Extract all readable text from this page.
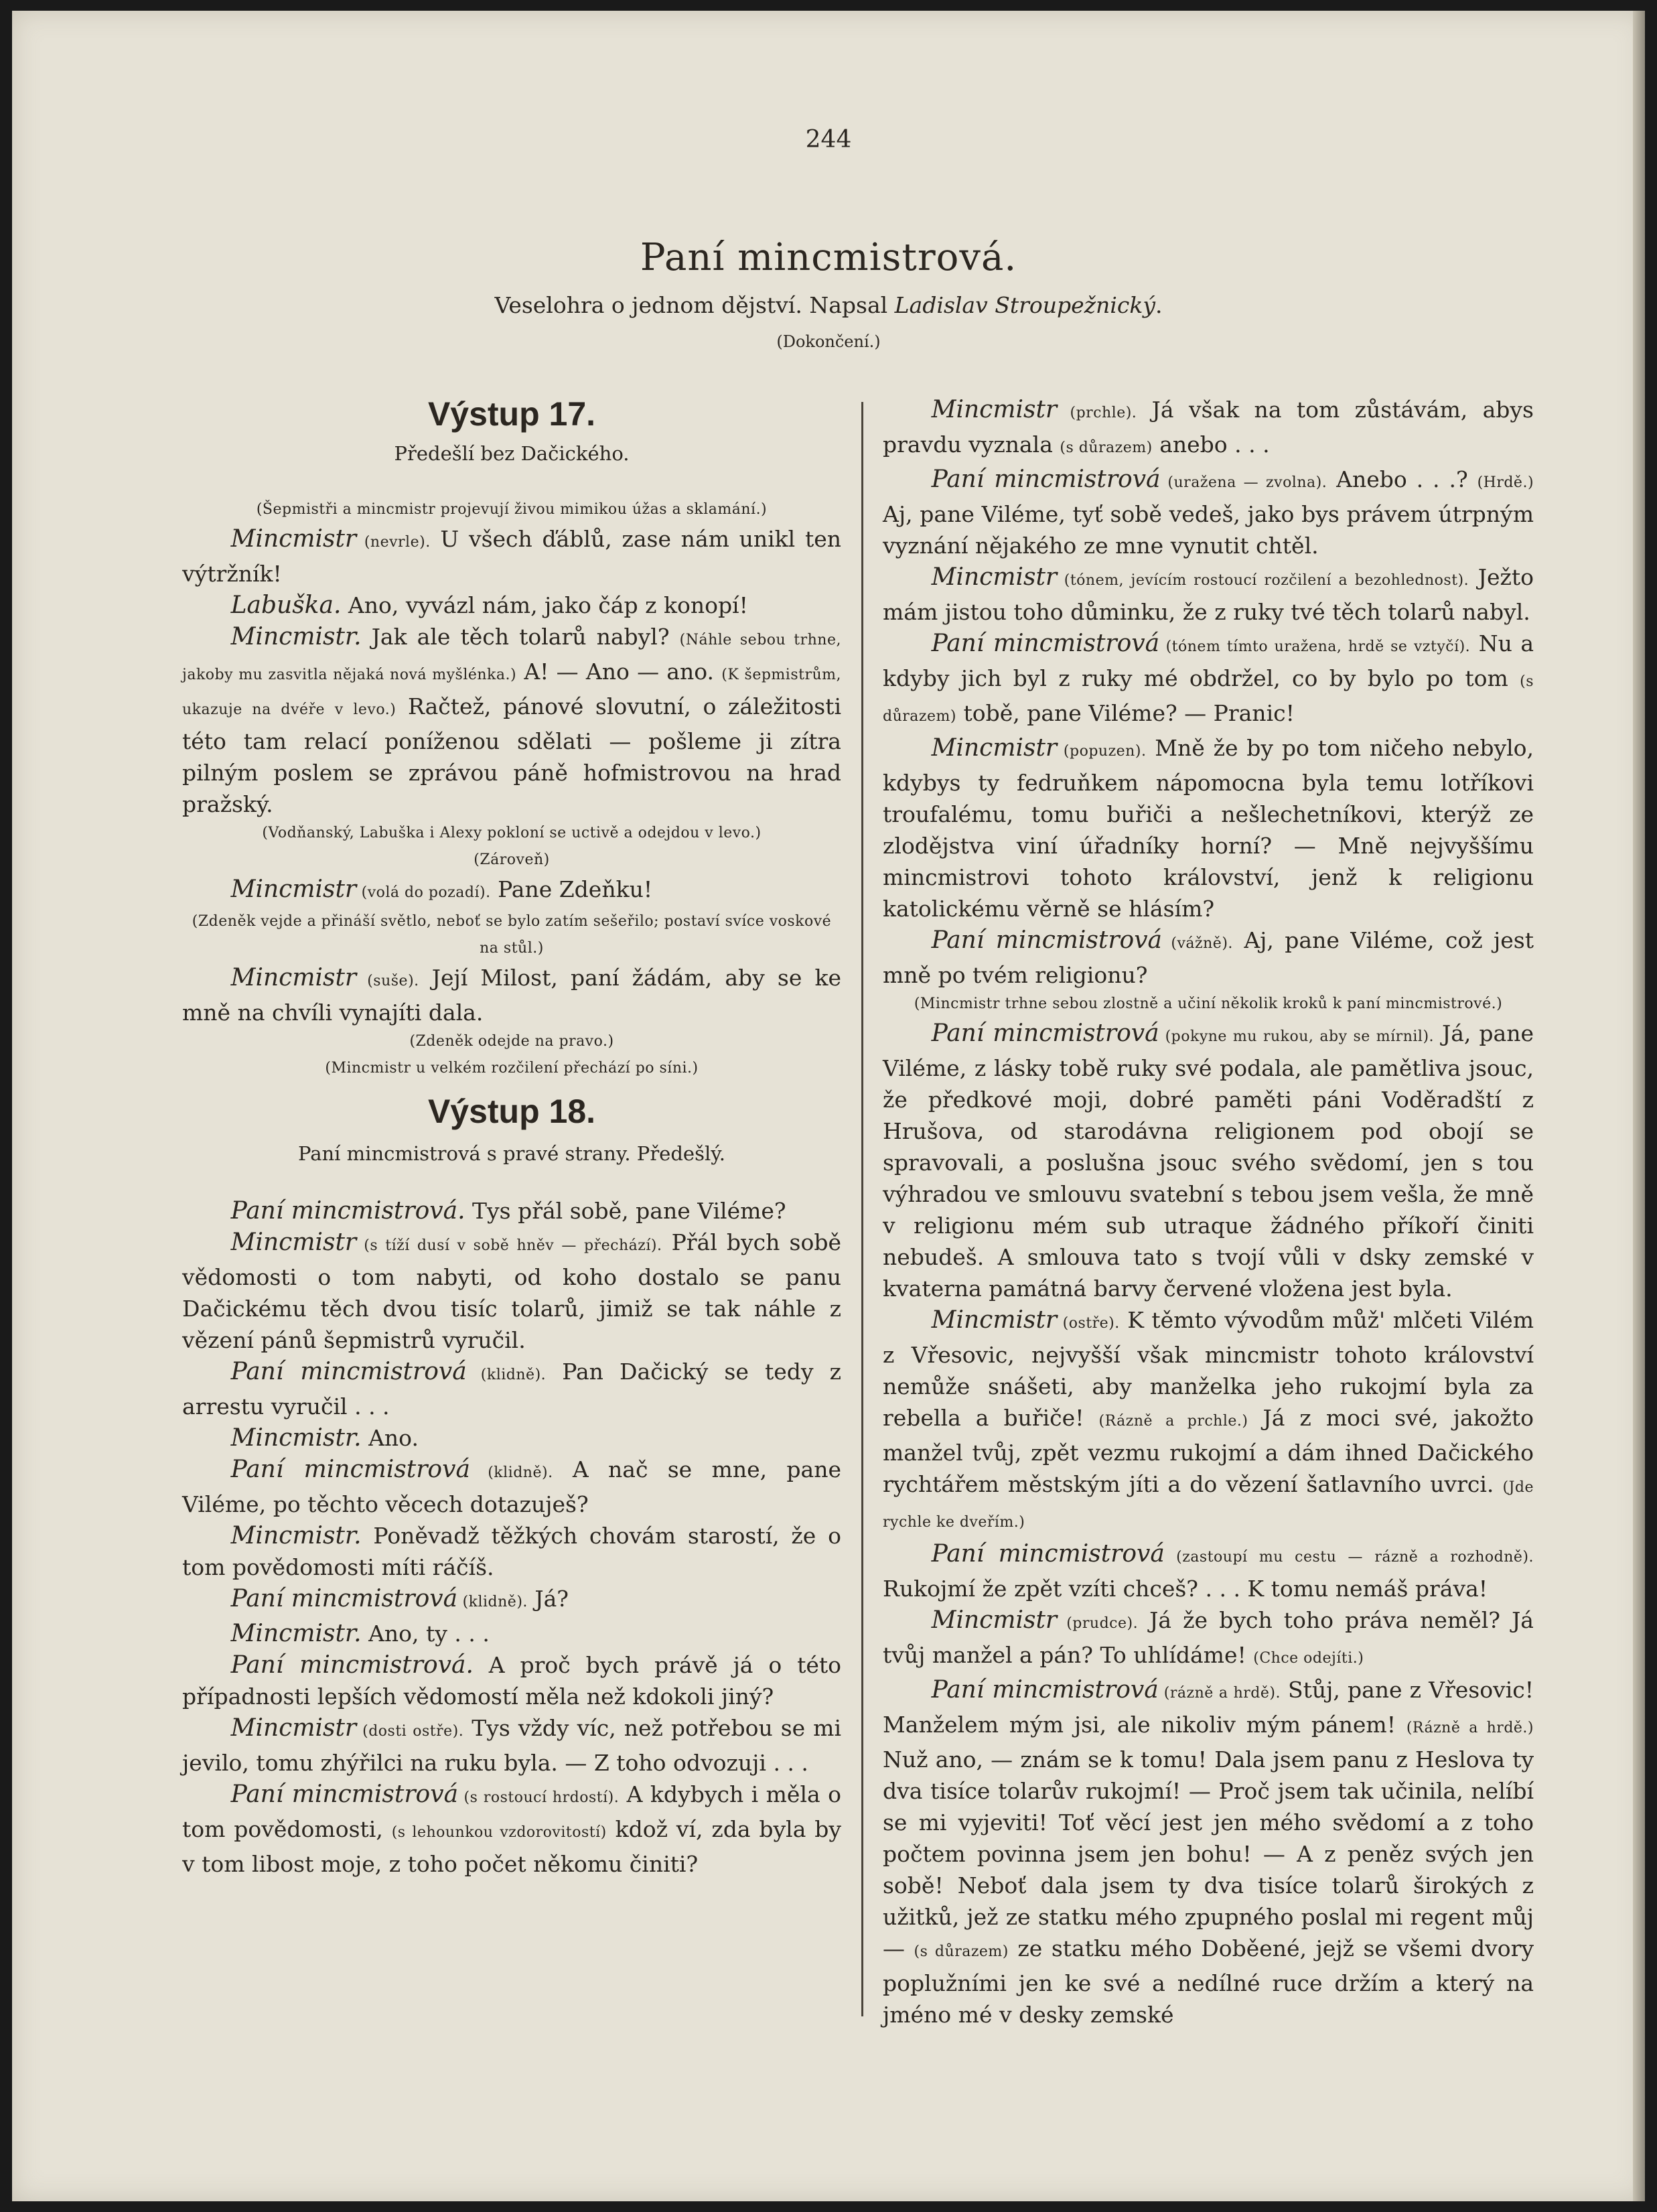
244
Paní mincmistrová.
Veselohra o jednom dějství. Napsal Ladislav Stroupežnický.
(Dokončení.)

Výstup 17.

Předešlí bez Dačického.

(Šepmistři a mincmistr projevují živou mimikou úžas a sklamání.)

Mincmistr (nevrle). U všech ďáblů, zase nám unikl ten výtržník!

Labuška. Ano, vyvázl nám, jako čáp z konopí!

Mincmistr. Jak ale těch tolarů nabyl? (Náhle sebou trhne, jakoby mu zasvitla nějaká nová myšlénka.) A! — Ano — ano. (K šepmistrům, ukazuje na dvéře v levo.) Račtež, pánové slovutní, o záležitosti této tam relací poníženou sdělati — pošleme ji zítra pilným poslem se zprávou páně hofmistrovou na hrad pražský.

(Vodňanský, Labuška i Alexy pokloní se uctivě a odejdou v levo.)

(Zároveň)

Mincmistr (volá do pozadí). Pane Zdeňku!

(Zdeněk vejde a přináší světlo, neboť se bylo zatím sešeřilo; postaví svíce voskové na stůl.)

Mincmistr (suše). Její Milost, paní žádám, aby se ke mně na chvíli vynajíti dala.

(Zdeněk odejde na pravo.)

(Mincmistr u velkém rozčilení přechází po síni.)

Výstup 18.

Paní mincmistrová s pravé strany. Předešlý.

Paní mincmistrová. Tys přál sobě, pane Viléme?

Mincmistr (s tíží dusí v sobě hněv — přechází). Přál bych sobě vědomosti o tom nabyti, od koho dostalo se panu Dačickému těch dvou tisíc tolarů, jimiž se tak náhle z vězení pánů šepmistrů vyručil.

Paní mincmistrová (klidně). Pan Dačický se tedy z arrestu vyručil . . .

Mincmistr. Ano.

Paní mincmistrová (klidně). A nač se mne, pane Viléme, po těchto věcech dotazuješ?

Mincmistr. Poněvadž těžkých chovám starostí, že o tom povědomosti míti ráčíš.

Paní mincmistrová (klidně). Já?

Mincmistr. Ano, ty . . .

Paní mincmistrová. A proč bych právě já o této případnosti lepších vědomostí měla než kdokoli jiný?

Mincmistr (dosti ostře). Tys vždy víc, než potřebou se mi jevilo, tomu zhýřilci na ruku byla. — Z toho odvozuji . . .

Paní mincmistrová (s rostoucí hrdostí). A kdybych i měla o tom povědomosti, (s lehounkou vzdorovitostí) kdož ví, zda byla by v tom libost moje, z toho počet někomu činiti?

Mincmistr (prchle). Já však na tom zůstávám, abys pravdu vyznala (s důrazem) anebo . . .

Paní mincmistrová (uražena — zvolna). Anebo . . .? (Hrdě.) Aj, pane Viléme, tyť sobě vedeš, jako bys právem útrpným vyznání nějakého ze mne vynutit chtěl.

Mincmistr (tónem, jevícím rostoucí rozčilení a bezohlednost). Ježto mám jistou toho důminku, že z ruky tvé těch tolarů nabyl.

Paní mincmistrová (tónem tímto uražena, hrdě se vztyčí). Nu a kdyby jich byl z ruky mé obdržel, co by bylo po tom (s důrazem) tobě, pane Viléme? — Pranic!

Mincmistr (popuzen). Mně že by po tom ničeho nebylo, kdybys ty fedruňkem nápomocna byla temu lotříkovi troufalému, tomu buřiči a nešlechetníkovi, kterýž ze zlodějstva viní úřadníky horní? — Mně nejvyššímu mincmistrovi tohoto království, jenž k religionu katolickému věrně se hlásím?

Paní mincmistrová (vážně). Aj, pane Viléme, což jest mně po tvém religionu?

(Mincmistr trhne sebou zlostně a učiní několik kroků k paní mincmistrové.)

Paní mincmistrová (pokyne mu rukou, aby se mírnil). Já, pane Viléme, z lásky tobě ruky své podala, ale pamětliva jsouc, že předkové moji, dobré paměti páni Voděradští z Hrušova, od starodávna religionem pod obojí se spravovali, a poslušna jsouc svého svědomí, jen s tou výhradou ve smlouvu svatební s tebou jsem vešla, že mně v religionu mém sub utraque žádného příkoří činiti nebudeš. A smlouva tato s tvojí vůli v dsky zemské v kvaterna památná barvy červené vložena jest byla.

Mincmistr (ostře). K těmto vývodům můž' mlčeti Vilém z Vřesovic, nejvyšší však mincmistr tohoto království nemůže snášeti, aby manželka jeho rukojmí byla za rebella a buřiče! (Rázně a prchle.) Já z moci své, jakožto manžel tvůj, zpět vezmu rukojmí a dám ihned Dačického rychtářem městským jíti a do vězení šatlavního uvrci. (Jde rychle ke dveřím.)

Paní mincmistrová (zastoupí mu cestu — rázně a rozhodně). Rukojmí že zpět vzíti chceš? . . . K tomu nemáš práva!

Mincmistr (prudce). Já že bych toho práva neměl? Já tvůj manžel a pán? To uhlídáme! (Chce odejíti.)

Paní mincmistrová (rázně a hrdě). Stůj, pane z Vřesovic! Manželem mým jsi, ale nikoliv mým pánem! (Rázně a hrdě.) Nuž ano, — znám se k tomu! Dala jsem panu z Heslova ty dva tisíce tolarův rukojmí! — Proč jsem tak učinila, nelíbí se mi vyjeviti! Toť věcí jest jen mého svědomí a z toho počtem povinna jsem jen bohu! — A z peněz svých jen sobě! Neboť dala jsem ty dva tisíce tolarů širokých z užitků, jež ze statku mého zpupného poslal mi regent můj — (s důrazem) ze statku mého Doběené, jejž se všemi dvory poplužními jen ke své a nedílné ruce držím a který na jméno mé v desky zemské
